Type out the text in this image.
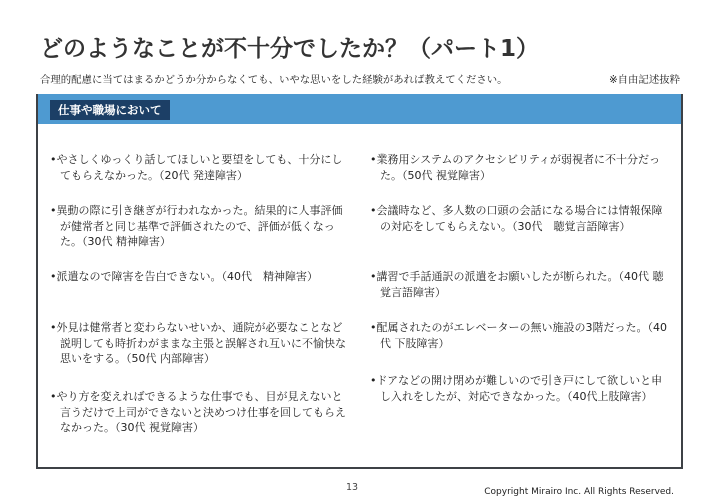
どのようなことが不十分でしたか？（パート1）
合理的配慮に当てはまるかどうか分からなくても、いやな思いをした経験があれば教えてください。	※自由記述抜粋
仕事や職場において
•やさしくゆっくり話してほしいと要望をしても、十分にしてもらえなかった。（20代 発達障害）
•異動の際に引き継ぎが行われなかった。結果的に人事評価が健常者と同じ基準で評価されたので、評価が低くなった。（30代 精神障害）
•派遣なので障害を告白できない。（40代　精神障害）
•外見は健常者と変わらないせいか、通院が必要なことなど説明しても時折わがままな主張と誤解され互いに不愉快な思いをする。（50代 内部障害）
•やり方を変えればできるような仕事でも、目が見えないと言うだけで上司ができないと決めつけ仕事を回してもらえなかった。（30代 視覚障害）
•業務用システムのアクセシビリティが弱視者に不十分だった。（50代 視覚障害）
•会議時など、多人数の口頭の会話になる場合には情報保障の対応をしてもらえない。（30代　聴覚言語障害）
•講習で手話通訳の派遣をお願いしたが断られた。（40代 聴覚言語障害）
•配属されたのがエレベーターの無い施設の3階だった。（40代 下肢障害）
•ドアなどの開け閉めが難しいので引き戸にして欲しいと申し入れをしたが、対応できなかった。（40代上肢障害）
13	Copyright Mirairo Inc. All Rights Reserved.
